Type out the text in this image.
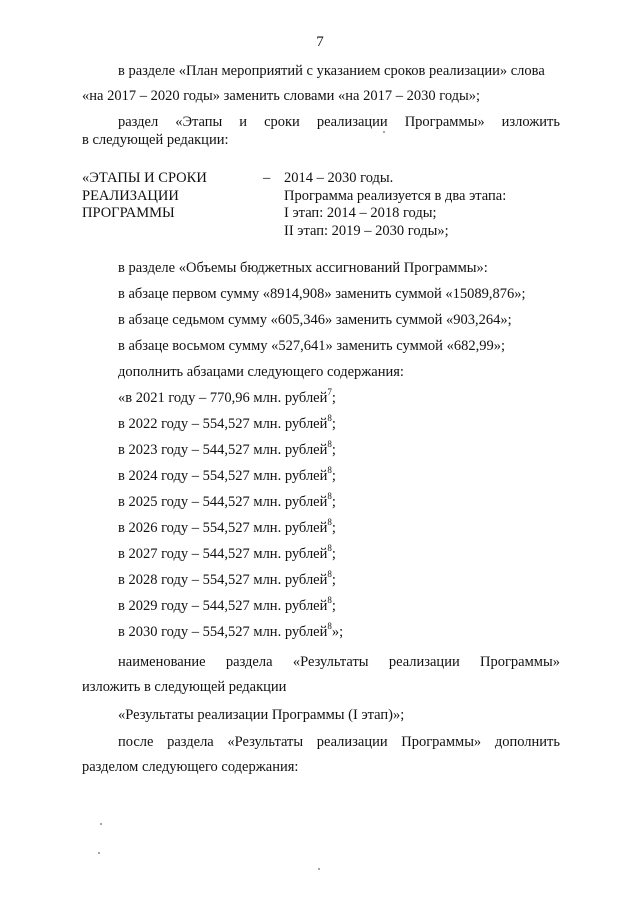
7
в разделе «План мероприятий с указанием сроков реализации» слова
«на 2017 – 2020 годы» заменить словами «на 2017 – 2030 годы»;
раздел «Этапы и сроки реализации Программы» изложить
в следующей редакции:
«ЭТАПЫ И СРОКИ
РЕАЛИЗАЦИИ
ПРОГРАММЫ
– 2014 – 2030 годы.
Программа реализуется в два этапа:
I этап: 2014 – 2018 годы;
II этап: 2019 – 2030 годы»;
в разделе «Объемы бюджетных ассигнований Программы»:
в абзаце первом сумму «8914,908» заменить суммой «15089,876»;
в абзаце седьмом сумму «605,346» заменить суммой «903,264»;
в абзаце восьмом сумму «527,641» заменить суммой «682,99»;
дополнить абзацами следующего содержания:
«в 2021 году – 770,96 млн. рублей$^7$;
в 2022 году – 554,527 млн. рублей$^8$;
в 2023 году – 544,527 млн. рублей$^8$;
в 2024 году – 554,527 млн. рублей$^8$;
в 2025 году – 544,527 млн. рублей$^8$;
в 2026 году – 554,527 млн. рублей$^8$;
в 2027 году – 544,527 млн. рублей$^8$;
в 2028 году – 554,527 млн. рублей$^8$;
в 2029 году – 544,527 млн. рублей$^8$;
в 2030 году – 554,527 млн. рублей$^8$»;
наименование раздела «Результаты реализации Программы»
изложить в следующей редакции
«Результаты реализации Программы (I этап)»;
после раздела «Результаты реализации Программы» дополнить
разделом следующего содержания:
